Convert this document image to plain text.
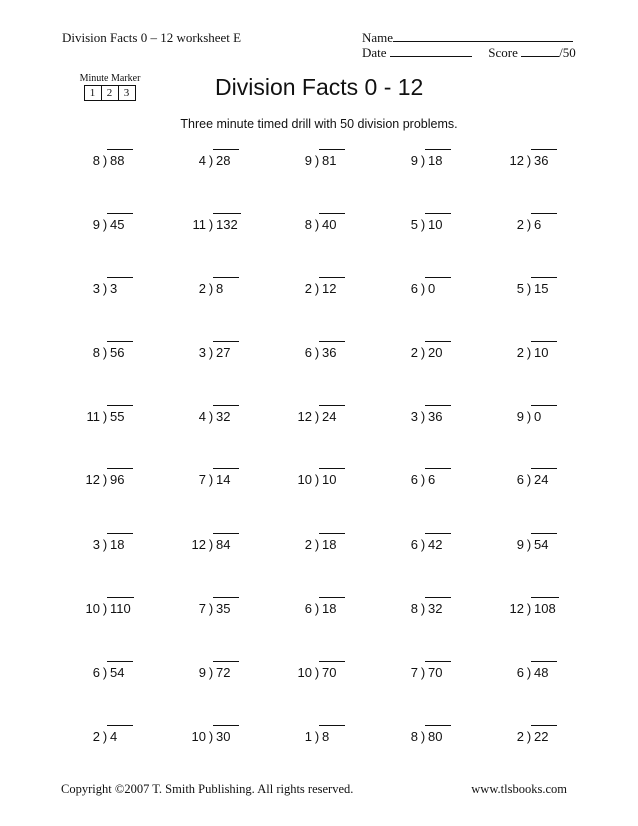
Division Facts 0 – 12 worksheet E	Name
Date	Score	/50
Minute Marker
1	2	3	Division Facts 0 - 12
Three minute timed drill with 50 division problems.
8 ) 88	4 ) 28	9 ) 81	9 ) 18	12 ) 36
9 ) 45	11 ) 132	8 ) 40	5 ) 10	2 ) 6
3 ) 3	2 ) 8	2 ) 12	6 ) 0	5 ) 15
8 ) 56	3 ) 27	6 ) 36	2 ) 20	2 ) 10
11 ) 55	4 ) 32	12 ) 24	3 ) 36	9 ) 0
12 ) 96	7 ) 14	10 ) 10	6 ) 6	6 ) 24
3 ) 18	12 ) 84	2 ) 18	6 ) 42	9 ) 54
10 ) 110	7 ) 35	6 ) 18	8 ) 32	12 ) 108
6 ) 54	9 ) 72	10 ) 70	7 ) 70	6 ) 48
2 ) 4	10 ) 30	1 ) 8	8 ) 80	2 ) 22
Copyright ©2007 T. Smith Publishing. All rights reserved.	www.tlsbooks.com
